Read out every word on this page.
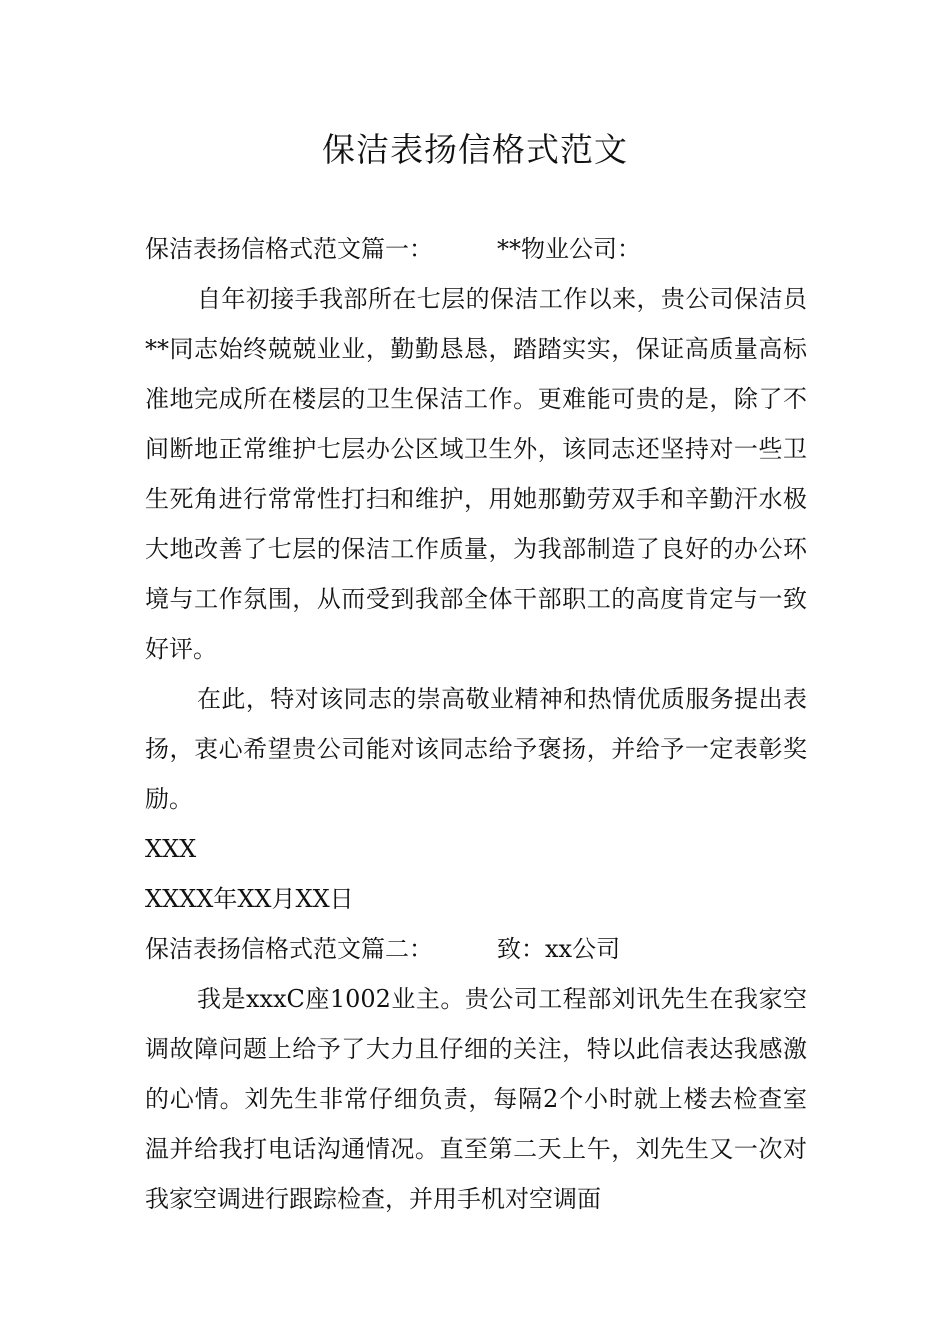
保洁表扬信格式范文

保洁表扬信格式范文篇一：	**物业公司：

自年初接手我部所在七层的保洁工作以来，贵公司保洁员**同志始终兢兢业业，勤勤恳恳，踏踏实实，保证高质量高标准地完成所在楼层的卫生保洁工作。更难能可贵的是，除了不间断地正常维护七层办公区域卫生外，该同志还坚持对一些卫生死角进行常常性打扫和维护，用她那勤劳双手和辛勤汗水极大地改善了七层的保洁工作质量，为我部制造了良好的办公环境与工作氛围，从而受到我部全体干部职工的高度肯定与一致好评。

在此，特对该同志的崇高敬业精神和热情优质服务提出表扬，衷心希望贵公司能对该同志给予褒扬，并给予一定表彰奖励。

XXX

XXXX年XX月XX日

保洁表扬信格式范文篇二：	致：xx公司

我是xxxC座1002业主。贵公司工程部刘讯先生在我家空调故障问题上给予了大力且仔细的关注，特以此信表达我感激的心情。刘先生非常仔细负责，每隔2个小时就上楼去检查室温并给我打电话沟通情况。直至第二天上午，刘先生又一次对我家空调进行跟踪检查，并用手机对空调面
